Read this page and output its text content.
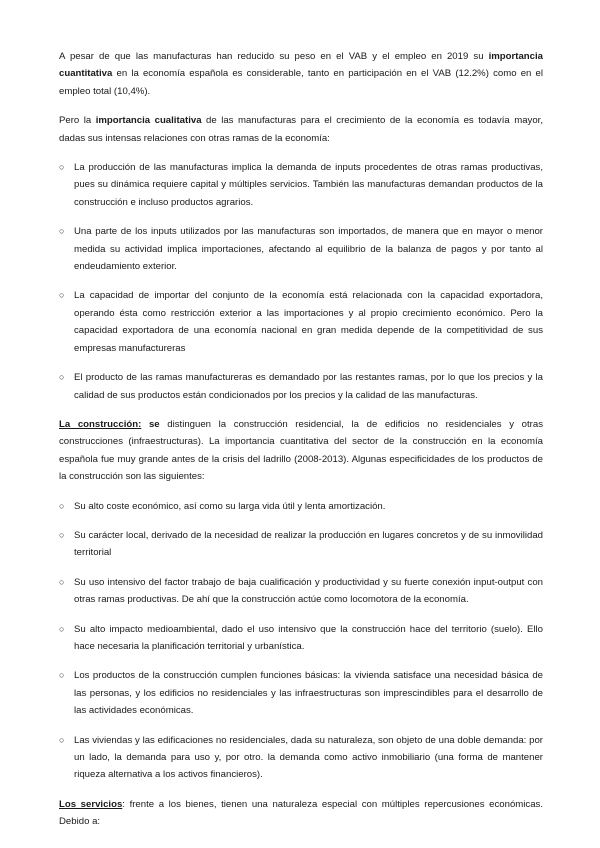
A pesar de que las manufacturas han reducido su peso en el VAB y el empleo en 2019 su importancia cuantitativa en la economía española es considerable, tanto en participación en el VAB (12.2%) como en el empleo total (10,4%).

Pero la importancia cualitativa de las manufacturas para el crecimiento de la economía es todavía mayor, dadas sus intensas relaciones con otras ramas de la economía:

○ La producción de las manufacturas implica la demanda de inputs procedentes de otras ramas productivas, pues su dinámica requiere capital y múltiples servicios. También las manufacturas demandan productos de la construcción e incluso productos agrarios.

○ Una parte de los inputs utilizados por las manufacturas son importados, de manera que en mayor o menor medida su actividad implica importaciones, afectando al equilibrio de la balanza de pagos y por tanto al endeudamiento exterior.

○ La capacidad de importar del conjunto de la economía está relacionada con la capacidad exportadora, operando ésta como restricción exterior a las importaciones y al propio crecimiento económico. Pero la capacidad exportadora de una economía nacional en gran medida depende de la competitividad de sus empresas manufactureras

○ El producto de las ramas manufactureras es demandado por las restantes ramas, por lo que los precios y la calidad de sus productos están condicionados por los precios y la calidad de las manufacturas.

La construcción: se distinguen la construcción residencial, la de edificios no residenciales y otras construcciones (infraestructuras). La importancia cuantitativa del sector de la construcción en la economía española fue muy grande antes de la crisis del ladrillo (2008-2013). Algunas especificidades de los productos de la construcción son las siguientes:

○ Su alto coste económico, así como su larga vida útil y lenta amortización.

○ Su carácter local, derivado de la necesidad de realizar la producción en lugares concretos y de su inmovilidad territorial

○ Su uso intensivo del factor trabajo de baja cualificación y productividad y su fuerte conexión input-output con otras ramas productivas. De ahí que la construcción actúe como locomotora de la economía.

○ Su alto impacto medioambiental, dado el uso intensivo que la construcción hace del territorio (suelo). Ello hace necesaria la planificación territorial y urbanística.

○ Los productos de la construcción cumplen funciones básicas: la vivienda satisface una necesidad básica de las personas, y los edificios no residenciales y las infraestructuras son imprescindibles para el desarrollo de las actividades económicas.

○ Las viviendas y las edificaciones no residenciales, dada su naturaleza, son objeto de una doble demanda: por un lado, la demanda para uso y, por otro. la demanda como activo inmobiliario (una forma de mantener riqueza alternativa a los activos financieros).

Los servicios: frente a los bienes, tienen una naturaleza especial con múltiples repercusiones económicas. Debido a:
